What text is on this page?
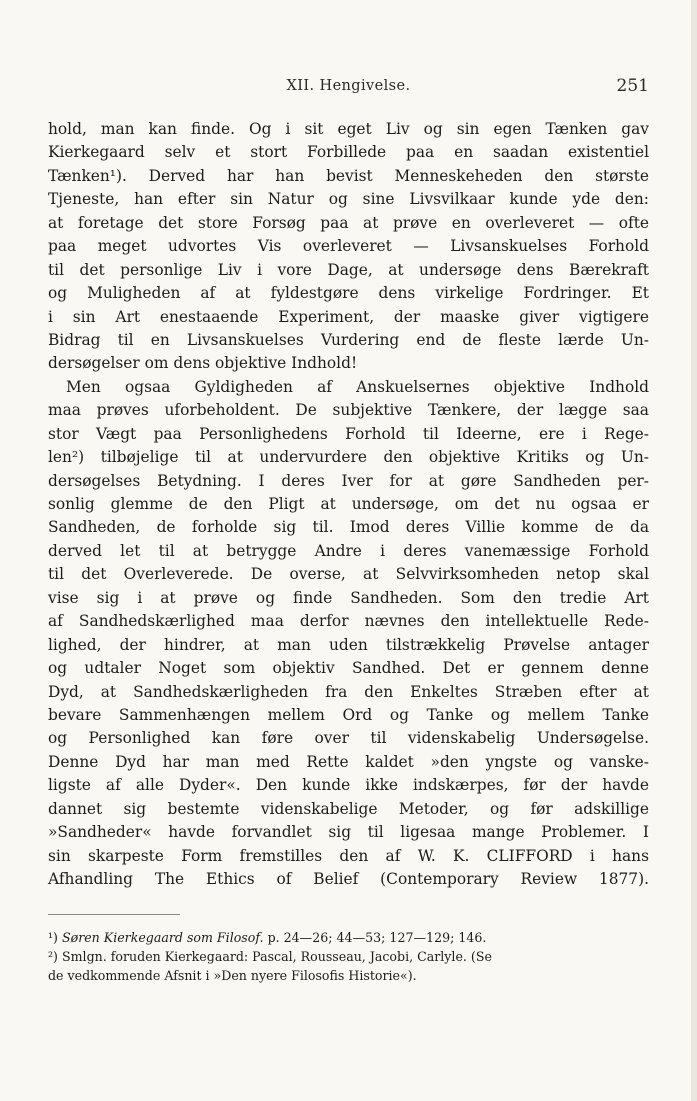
XII. Hengivelse.	251
hold, man kan finde. Og i sit eget Liv og sin egen Tænken gav
Kierkegaard selv et stort Forbillede paa en saadan existentiel
Tænken¹). Derved har han bevist Menneskeheden den største
Tjeneste, han efter sin Natur og sine Livsvilkaar kunde yde den:
at foretage det store Forsøg paa at prøve en overleveret — ofte
paa meget udvortes Vis overleveret — Livsanskuelses Forhold
til det personlige Liv i vore Dage, at undersøge dens Bærekraft
og Muligheden af at fyldestgøre dens virkelige Fordringer. Et
i sin Art enestaaende Experiment, der maaske giver vigtigere
Bidrag til en Livsanskuelses Vurdering end de fleste lærde Un-
dersøgelser om dens objektive Indhold!
Men ogsaa Gyldigheden af Anskuelsernes objektive Indhold
maa prøves uforbeholdent. De subjektive Tænkere, der lægge saa
stor Vægt paa Personlighedens Forhold til Ideerne, ere i Rege-
len²) tilbøjelige til at undervurdere den objektive Kritiks og Un-
dersøgelses Betydning. I deres Iver for at gøre Sandheden per-
sonlig glemme de den Pligt at undersøge, om det nu ogsaa er
Sandheden, de forholde sig til. Imod deres Villie komme de da
derved let til at betrygge Andre i deres vanemæssige Forhold
til det Overleverede. De overse, at Selvvirksomheden netop skal
vise sig i at prøve og finde Sandheden. Som den tredie Art
af Sandhedskærlighed maa derfor nævnes den intellektuelle Rede-
lighed, der hindrer, at man uden tilstrækkelig Prøvelse antager
og udtaler Noget som objektiv Sandhed. Det er gennem denne
Dyd, at Sandhedskærligheden fra den Enkeltes Stræben efter at
bevare Sammenhængen mellem Ord og Tanke og mellem Tanke
og Personlighed kan føre over til videnskabelig Undersøgelse.
Denne Dyd har man med Rette kaldet »den yngste og vanske-
ligste af alle Dyder«. Den kunde ikke indskærpes, før der havde
dannet sig bestemte videnskabelige Metoder, og før adskillige
»Sandheder« havde forvandlet sig til ligesaa mange Problemer. I
sin skarpeste Form fremstilles den af W. K. CLIFFORD i hans
Afhandling The Ethics of Belief (Contemporary Review 1877).
¹) Søren Kierkegaard som Filosof. p. 24—26; 44—53; 127—129; 146.
²) Smlgn. foruden Kierkegaard: Pascal, Rousseau, Jacobi, Carlyle. (Se
de vedkommende Afsnit i »Den nyere Filosofis Historie«).
